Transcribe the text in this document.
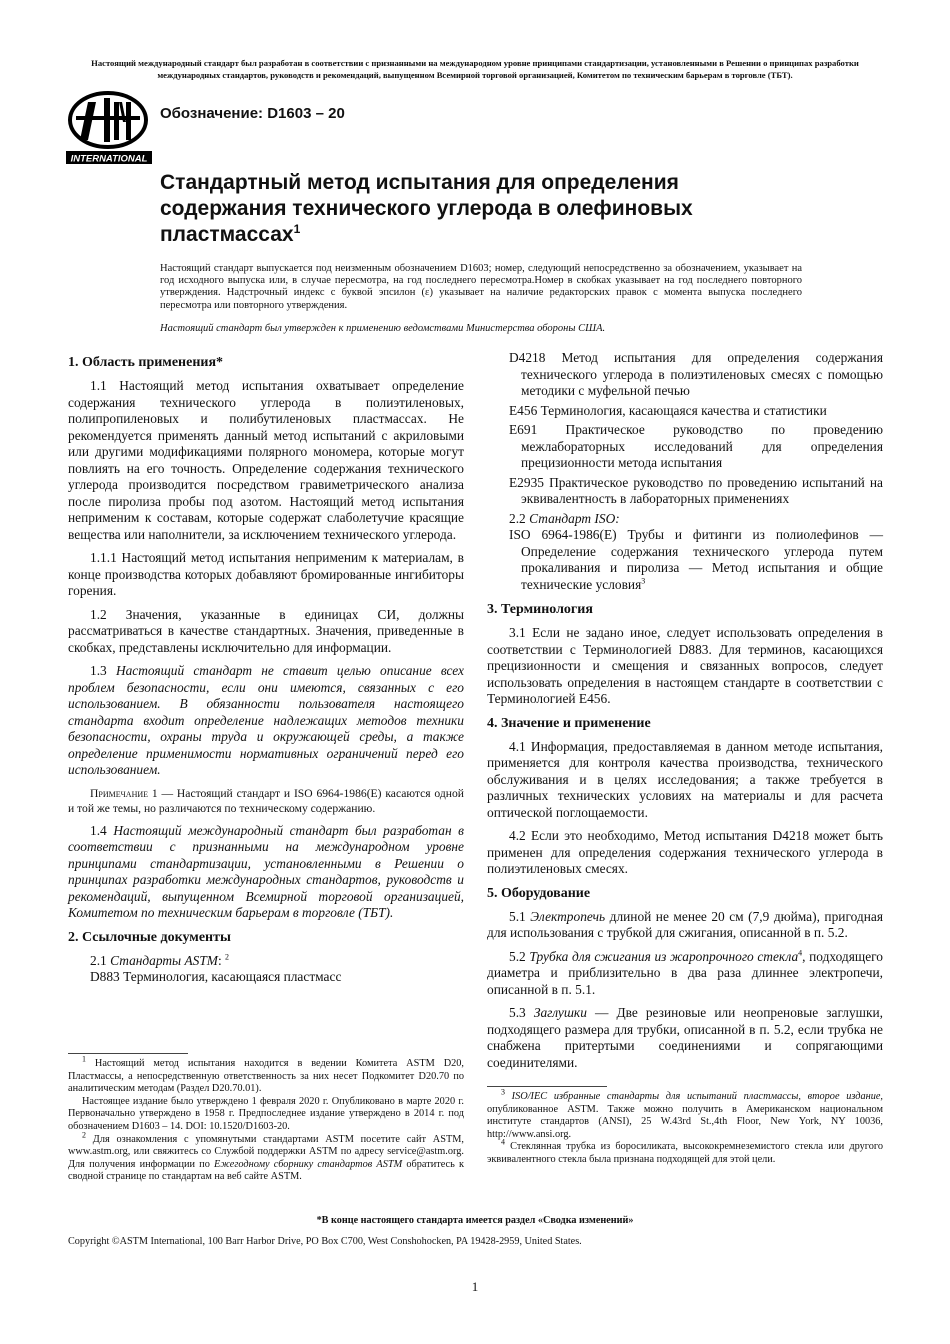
Настоящий международный стандарт был разработан в соответствии с признанными на международном уровне принципами стандартизации, установленными в Решении о принципах разработки международных стандартов, руководств и рекомендаций, выпущенном Всемирной торговой организацией, Комитетом по техническим барьерам в торговле (ТБТ).
INTERNATIONAL
Обозначение: D1603 – 20
Стандартный метод испытания для определения содержания технического углерода в олефиновых пластмассах$^1$

Настоящий стандарт выпускается под неизменным обозначением D1603; номер, следующий непосредственно за обозначением, указывает на год исходного выпуска или, в случае пересмотра, на год последнего пересмотра.Номер в скобках указывает на год последнего повторного утверждения. Надстрочный индекс с буквой эпсилон (ε) указывает на наличие редакторских правок с момента выпуска последнего пересмотра или повторного утверждения.

Настоящий стандарт был утвержден к применению ведомствами Министерства обороны США.

1. Область применения*

1.1 Настоящий метод испытания охватывает определение содержания технического углерода в полиэтиленовых, полипропиленовых и полибутиленовых пластмассах. Не рекомендуется применять данный метод испытаний с акриловыми или другими модификациями полярного мономера, которые могут повлиять на его точность. Определение содержания технического углерода производится посредством гравиметрического анализа после пиролиза пробы под азотом. Настоящий метод испытания неприменим к составам, которые содержат слаболетучие красящие вещества или наполнители, за исключением технического углерода.

1.1.1 Настоящий метод испытания неприменим к материалам, в конце производства которых добавляют бромированные ингибиторы горения.

1.2 Значения, указанные в единицах СИ, должны рассматриваться в качестве стандартных. Значения, приведенные в скобках, представлены исключительно для информации.

1.3 Настоящий стандарт не ставит целью описание всех проблем безопасности, если они имеются, связанных с его использованием. В обязанности пользователя настоящего стандарта входит определение надлежащих методов техники безопасности, охраны труда и окружающей среды, а также определение применимости нормативных ограничений перед его использованием.

Примечание 1 — Настоящий стандарт и ISO 6964-1986(E) касаются одной и той же темы, но различаются по техническому содержанию.

1.4 Настоящий международный стандарт был разработан в соответствии с признанными на международном уровне принципами стандартизации, установленными в Решении о принципах разработки международных стандартов, руководств и рекомендаций, выпущенном Всемирной торговой организацией, Комитетом по техническим барьерам в торговле (ТБТ).

2. Ссылочные документы

2.1 Стандарты ASTM: $^2$

D883 Терминология, касающаяся пластмасс

$^1$ Настоящий метод испытания находится в ведении Комитета ASTM D20, Пластмассы, а непосредственную ответственность за них несет Подкомитет D20.70 по аналитическим методам (Раздел D20.70.01).

Настоящее издание было утверждено 1 февраля 2020 г. Опубликовано в марте 2020 г. Первоначально утверждено в 1958 г. Предпоследнее издание утверждено в 2014 г. под обозначением D1603 – 14. DOI: 10.1520/D1603-20.

$^2$ Для ознакомления с упомянутыми стандартами ASTM посетите сайт ASTM, www.astm.org, или свяжитесь со Службой поддержки ASTM по адресу service@astm.org. Для получения информации по Ежегодному сборнику стандартов ASTM обратитесь к сводной странице по стандартам на веб сайте ASTM.

D4218 Метод испытания для определения содержания технического углерода в полиэтиленовых смесях с помощью методики с муфельной печью

E456 Терминология, касающаяся качества и статистики

E691 Практическое руководство по проведению межлабораторных исследований для определения прецизионности метода испытания

E2935 Практическое руководство по проведению испытаний на эквивалентность в лабораторных применениях

2.2 Стандарт ISO:

ISO 6964-1986(E) Трубы и фитинги из полиолефинов — Определение содержания технического углерода путем прокаливания и пиролиза — Метод испытания и общие технические условия$^3$

3. Терминология

3.1 Если не задано иное, следует использовать определения в соответствии с Терминологией D883. Для терминов, касающихся прецизионности и смещения и связанных вопросов, следует использовать определения в настоящем стандарте в соответствии с Терминологией E456.

4. Значение и применение

4.1 Информация, предоставляемая в данном методе испытания, применяется для контроля качества производства, технического обслуживания и в целях исследования; а также требуется в различных технических условиях на материалы и для расчета оптической поглощаемости.

4.2 Если это необходимо, Метод испытания D4218 может быть применен для определения содержания технического углерода в полиэтиленовых смесях.

5. Оборудование

5.1 Электропечь длиной не менее 20 см (7,9 дюйма), пригодная для использования с трубкой для сжигания, описанной в п. 5.2.

5.2 Трубка для сжигания из жаропрочного стекла$^4$, подходящего диаметра и приблизительно в два раза длиннее электропечи, описанной в п. 5.1.

5.3 Заглушки — Две резиновые или неопреновые заглушки, подходящего размера для трубки, описанной в п. 5.2, если трубка не снабжена притертыми соединениями и сопрягающими соединителями.

$^3$ ISO/IEC избранные стандарты для испытаний пластмассы, второе издание, опубликованное ASTM. Также можно получить в Американском национальном институте стандартов (ANSI), 25 W.43rd St.,4th Floor, New York, NY 10036, http://www.ansi.org.

$^4$ Стеклянная трубка из боросиликата, высококремнеземистого стекла или другого эквивалентного стекла была признана подходящей для этой цели.

*В конце настоящего стандарта имеется раздел «Сводка изменений»
Copyright ©ASTM International, 100 Barr Harbor Drive, PO Box C700, West Conshohocken, PA 19428-2959, United States.
1
